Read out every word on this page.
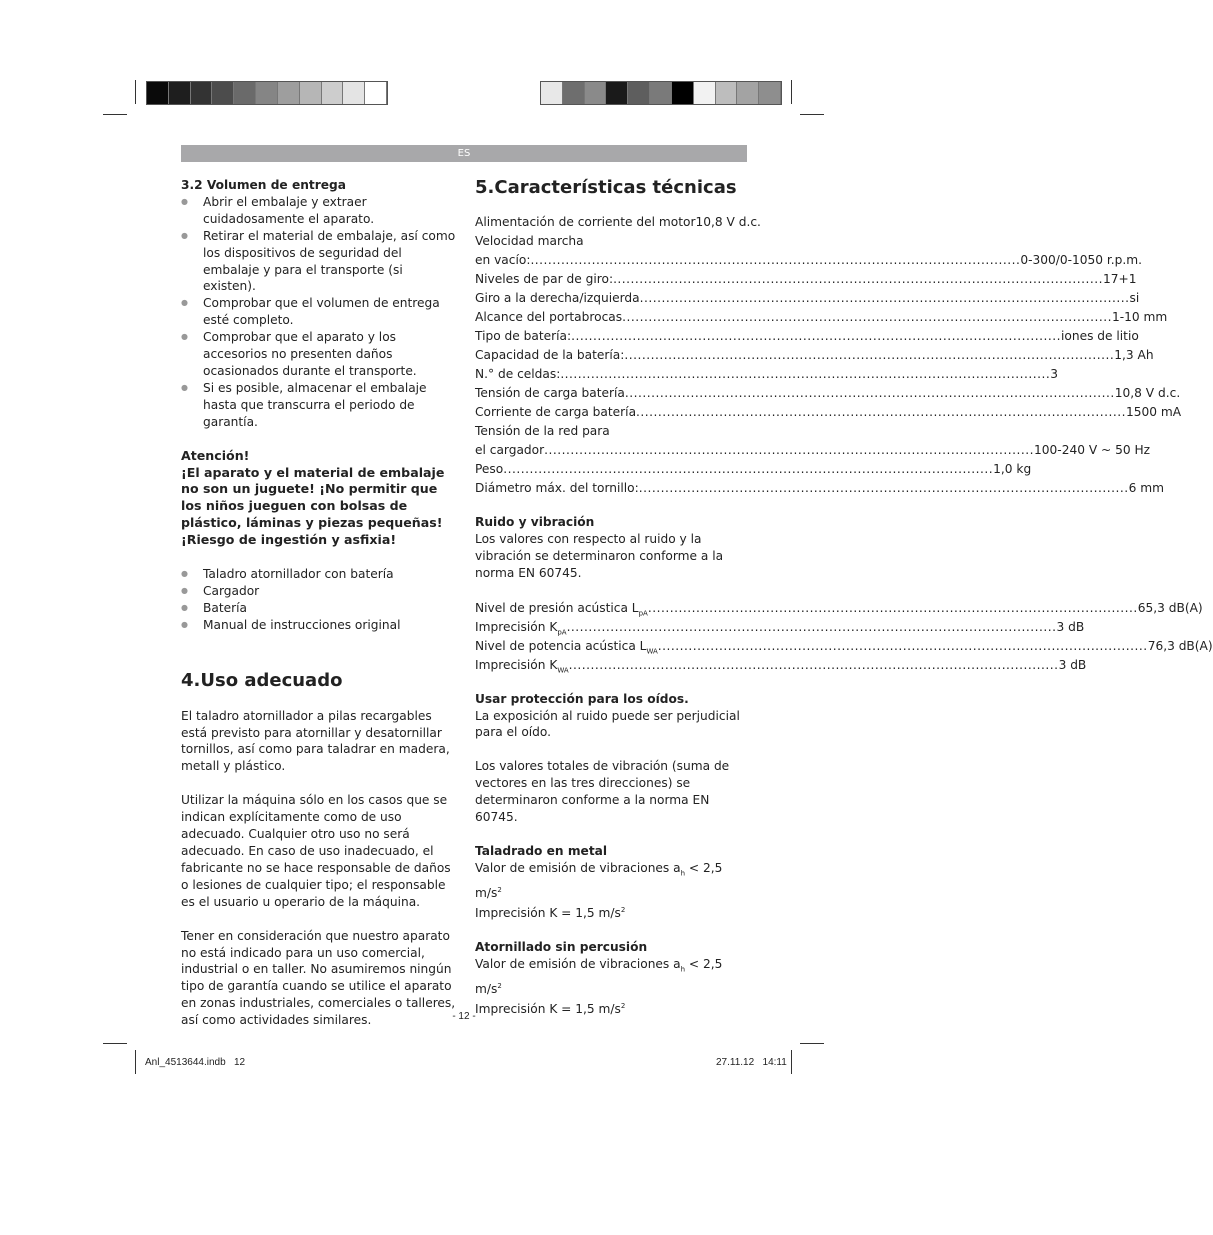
ES

3.2 Volumen de entrega

● Abrir el embalaje y extraer cuidadosamente el aparato.
● Retirar el material de embalaje, así como los dispositivos de seguridad del embalaje y para el transporte (si existen).
● Comprobar que el volumen de entrega esté completo.
● Comprobar que el aparato y los accesorios no presenten daños ocasionados durante el transporte.
● Si es posible, almacenar el embalaje hasta que transcurra el periodo de garantía.

Atención!

¡El aparato y el material de embalaje no son un juguete! ¡No permitir que los niños jueguen con bolsas de plástico, láminas y piezas pequeñas! ¡Riesgo de ingestión y asfixia!

● Taladro atornillador con batería
● Cargador
● Batería
● Manual de instrucciones original
4.Uso adecuado

El taladro atornillador a pilas recargables está previsto para atornillar y desatornillar tornillos, así como para taladrar en madera, metall y plástico.

Utilizar la máquina sólo en los casos que se indican explícitamente como de uso adecuado. Cualquier otro uso no será adecuado. En caso de uso inadecuado, el fabricante no se hace responsable de daños o lesiones de cualquier tipo; el responsable es el usuario u operario de la máquina.

Tener en consideración que nuestro aparato no está indicado para un uso comercial, industrial o en taller. No asumiremos ningún tipo de garantía cuando se utilice el aparato en zonas industriales, comerciales o talleres, así como actividades similares.

5.Características técnicas
Alimentación de corriente del motor 10,8 V d.c.
Velocidad marcha
en vacío: .....	0-300/0-1050 r.p.m.
Niveles de par de giro: .....	17+1
Giro a la derecha/izquierda .....	si
Alcance del portabrocas .....	1-10 mm
Tipo de batería: .....	iones de litio
Capacidad de la batería: .....	1,3 Ah
N.° de celdas: .....	3
Tensión de carga batería .....	10,8 V d.c.
Corriente de carga batería .....	1500 mA
Tensión de la red para
el cargador .....	100-240 V ~ 50 Hz
Peso .....	1,0 kg
Diámetro máx. del tornillo: .....	6 mm

Ruido y vibración

Los valores con respecto al ruido y la vibración se determinaron conforme a la norma EN 60745.

Nivel de presión acústica $L_{pA}$ .....	65,3 dB(A)
Imprecisión $K_{pA}$ .....	3 dB
Nivel de potencia acústica $L_{WA}$ .....	76,3 dB(A)
Imprecisión $K_{WA}$ .....	3 dB

Usar protección para los oídos.

La exposición al ruido puede ser perjudicial para el oído.

Los valores totales de vibración (suma de vectores en las tres direcciones) se determinaron conforme a la norma EN 60745.

Taladrado en metal

Valor de emisión de vibraciones $a_h < 2,5$ $m/s^2$

Imprecisión K = 1,5 $m/s^2$

Atornillado sin percusión

Valor de emisión de vibraciones $a_h < 2,5$ $m/s^2$

Imprecisión K = 1,5 $m/s^2$

- 12 -
Anl_4513644.indb   12	27.11.12   14:11
